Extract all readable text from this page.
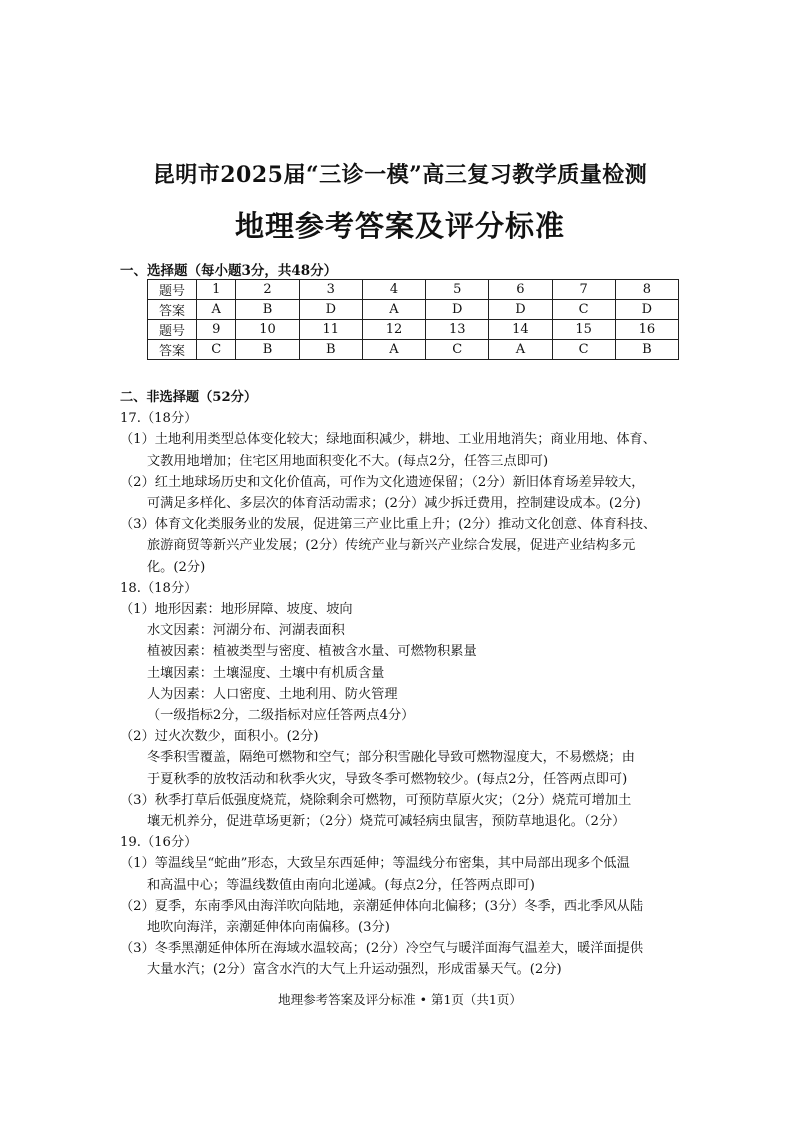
昆明市2025届“三诊一模”高三复习教学质量检测
地理参考答案及评分标准
一、选择题（每小题3分，共48分）
题号	1	2	3	4	5	6	7	8
答案	A	B	D	A	D	D	C	D
题号	9	10	11	12	13	14	15	16
答案	C	B	B	A	C	A	C	B
二、非选择题（52分）
17.（18分）
（1）土地利用类型总体变化较大；绿地面积减少，耕地、工业用地消失；商业用地、体育、
文教用地增加；住宅区用地面积变化不大。(每点2分，任答三点即可)
（2）红土地球场历史和文化价值高，可作为文化遗迹保留；（2分）新旧体育场差异较大，
可满足多样化、多层次的体育活动需求；(2分）减少拆迁费用，控制建设成本。(2分)
（3）体育文化类服务业的发展，促进第三产业比重上升；(2分）推动文化创意、体育科技、
旅游商贸等新兴产业发展；(2分）传统产业与新兴产业综合发展，促进产业结构多元
化。(2分)
18.（18分）
（1）地形因素：地形屏障、坡度、坡向
水文因素：河湖分布、河湖表面积
植被因素：植被类型与密度、植被含水量、可燃物积累量
土壤因素：土壤湿度、土壤中有机质含量
人为因素：人口密度、土地利用、防火管理
（一级指标2分，二级指标对应任答两点4分）
（2）过火次数少，面积小。(2分)
冬季积雪覆盖，隔绝可燃物和空气；部分积雪融化导致可燃物湿度大，不易燃烧；由
于夏秋季的放牧活动和秋季火灾，导致冬季可燃物较少。(每点2分，任答两点即可)
（3）秋季打草后低强度烧荒，烧除剩余可燃物，可预防草原火灾；（2分）烧荒可增加土
壤无机养分，促进草场更新；（2分）烧荒可减轻病虫鼠害，预防草地退化。（2分）
19.（16分）
（1）等温线呈“蛇曲”形态，大致呈东西延伸；等温线分布密集，其中局部出现多个低温
和高温中心；等温线数值由南向北递减。(每点2分，任答两点即可)
（2）夏季，东南季风由海洋吹向陆地，亲潮延伸体向北偏移；(3分）冬季，西北季风从陆
地吹向海洋，亲潮延伸体向南偏移。(3分)
（3）冬季黑潮延伸体所在海域水温较高；(2分）冷空气与暖洋面海气温差大，暖洋面提供
大量水汽；(2分）富含水汽的大气上升运动强烈，形成雷暴天气。(2分)
地理参考答案及评分标准 • 第1页（共1页）
